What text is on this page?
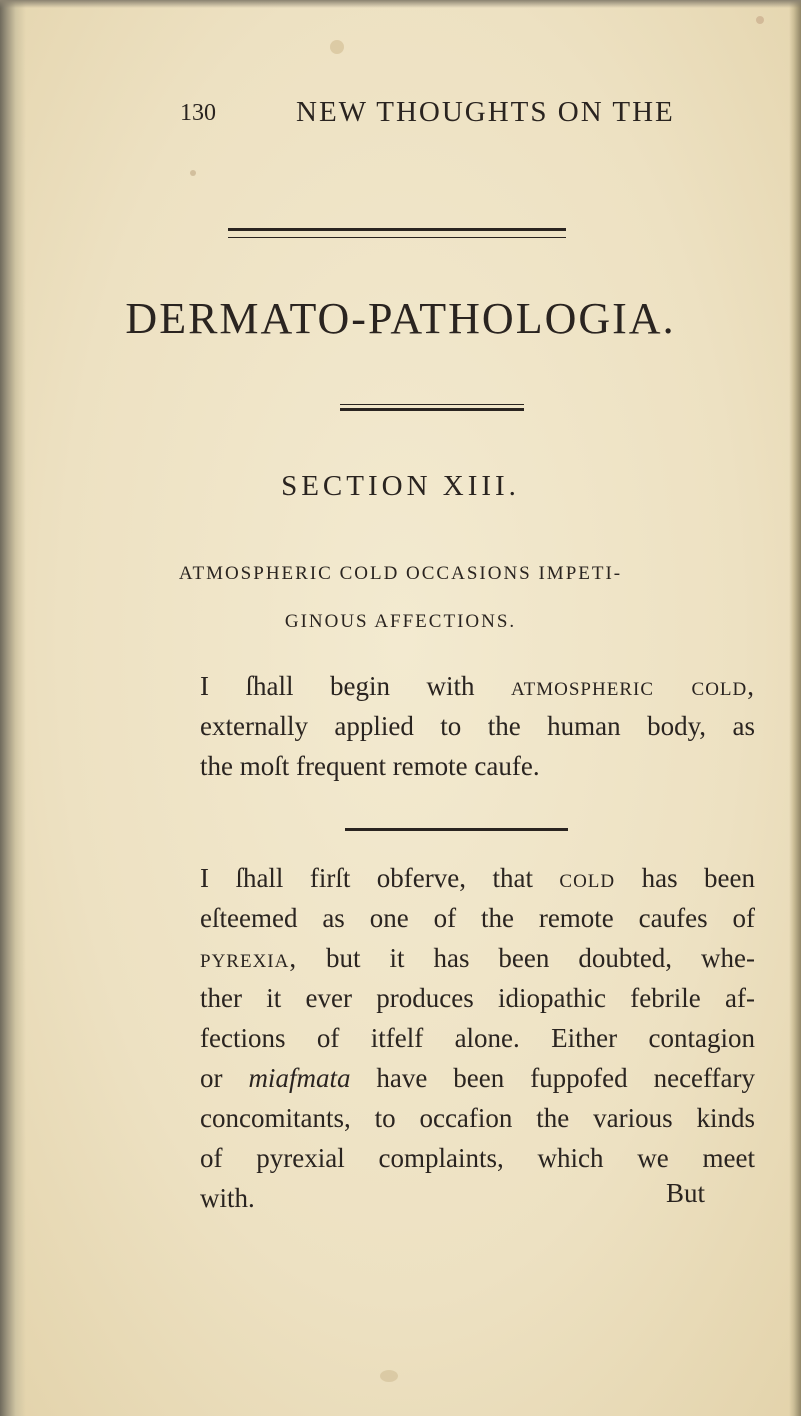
130	NEW THOUGHTS ON THE
DERMATO-PATHOLOGIA.
SECTION XIII.
ATMOSPHERIC COLD OCCASIONS IMPETI-
GINOUS AFFECTIONS.
I ſhall begin with atmospheric cold,
externally applied to the human body, as
the moſt frequent remote caufe.
I ſhall firſt obferve, that cold has been
eſteemed as one of the remote caufes of
pyrexia, but it has been doubted, whe-
ther it ever produces idiopathic febrile af-
fections of itfelf alone. Either contagion
or miafmata have been fuppofed neceffary
concomitants, to occafion the various kinds
of pyrexial complaints, which we meet
with.	But
